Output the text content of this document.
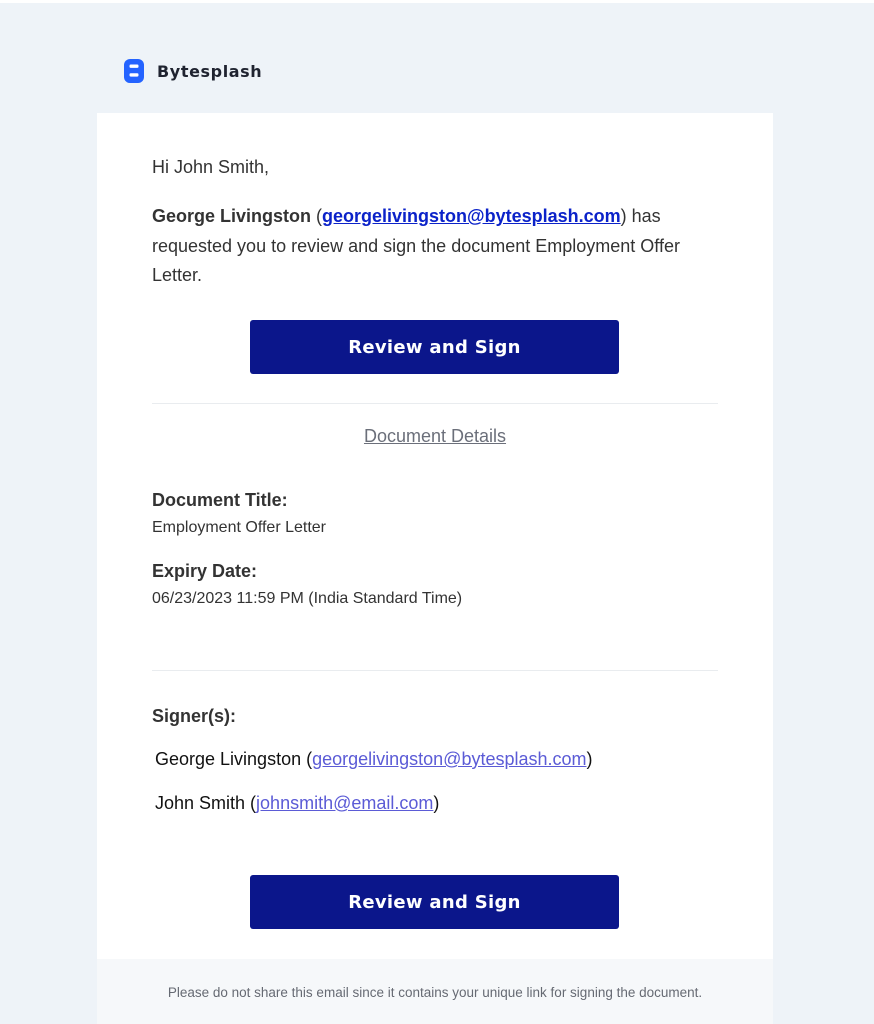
Bytesplash

Hi John Smith,

George Livingston (georgelivingston@bytesplash.com) has requested you to review and sign the document Employment Offer Letter.

Review and Sign
Document Details

Document Title:

Employment Offer Letter

Expiry Date:

06/23/2023 11:59 PM (India Standard Time)

Signer(s):

George Livingston (georgelivingston@bytesplash.com)

John Smith (johnsmith@email.com)

Review and Sign

Please do not share this email since it contains your unique link for signing the document.
